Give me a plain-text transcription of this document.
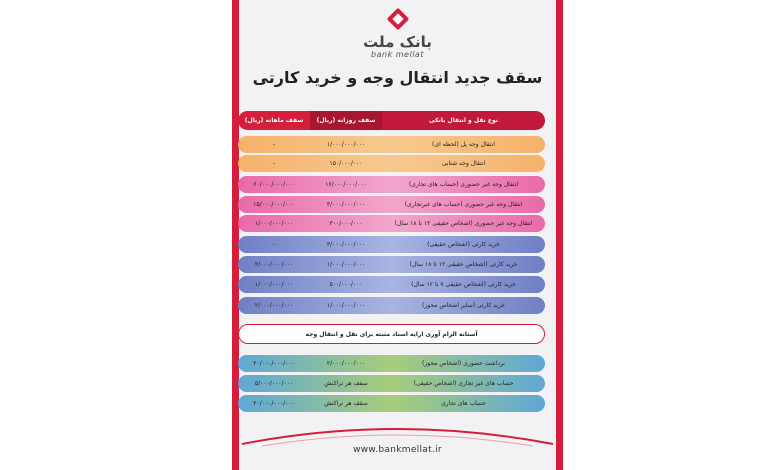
بانک ملت
bank mellat
سقف جدید انتقال وجه و خرید کارتی
نوع نقل و انتقال بانکی
سقف روزانه (ریال)
سقف ماهانه (ریال)
انتقال وجه پل (لحظه ای)
۱/۰۰۰/۰۰۰/۰۰۰
-
انتقال وجه شتابی
۱۵۰/۰۰۰/۰۰۰
-
انتقال وجه غیر حضوری (حساب های تجاری)
۱۶/۰۰۰/۰۰۰/۰۰۰
۶۰/۰۰۰/۰۰۰/۰۰۰
انتقال وجه غیر حضوری (حساب های غیرتجاری)
۳/۰۰۰/۰۰۰/۰۰۰
۱۵/۰۰۰/۰۰۰/۰۰۰
انتقال وجه غیر حضوری (اشخاص حقیقی ۱۲ تا ۱۸ سال)
۳۰۰/۰۰۰/۰۰۰
۱/۰۰۰/۰۰۰/۰۰۰
خرید کارتی (اشخاص حقیقی)
۳/۰۰۰/۰۰۰/۰۰۰
-
خرید کارتی (اشخاص حقیقی ۱۲ تا ۱۸ سال)
۱/۰۰۰/۰۰۰/۰۰۰
۲/۰۰۰/۰۰۰/۰۰۰
خرید کارتی (اشخاص حقیقی ۷ تا ۱۲ سال)
۵۰۰/۰۰۰/۰۰۰
۱/۰۰۰/۰۰۰/۰۰۰
خرید کارتی (سایر اشخاص مجوز)
۱/۰۰۰/۰۰۰/۰۰۰
۲/۰۰۰/۰۰۰/۰۰۰
آستانه الزام آوری ارایه اسناد مثبته برای نقل و انتقال وجه
برداشت حضوری (اشخاص مجوز)
۲/۰۰۰/۰۰۰/۰۰۰
۲۰/۰۰۰/۰۰۰/۰۰۰
حساب های غیر تجاری (اشخاص حقیقی)
سقف هر تراکنش
۵/۰۰۰/۰۰۰/۰۰۰
حساب های تجاری
سقف هر تراکنش
۲۰/۰۰۰/۰۰۰/۰۰۰
www.bankmellat.ir
